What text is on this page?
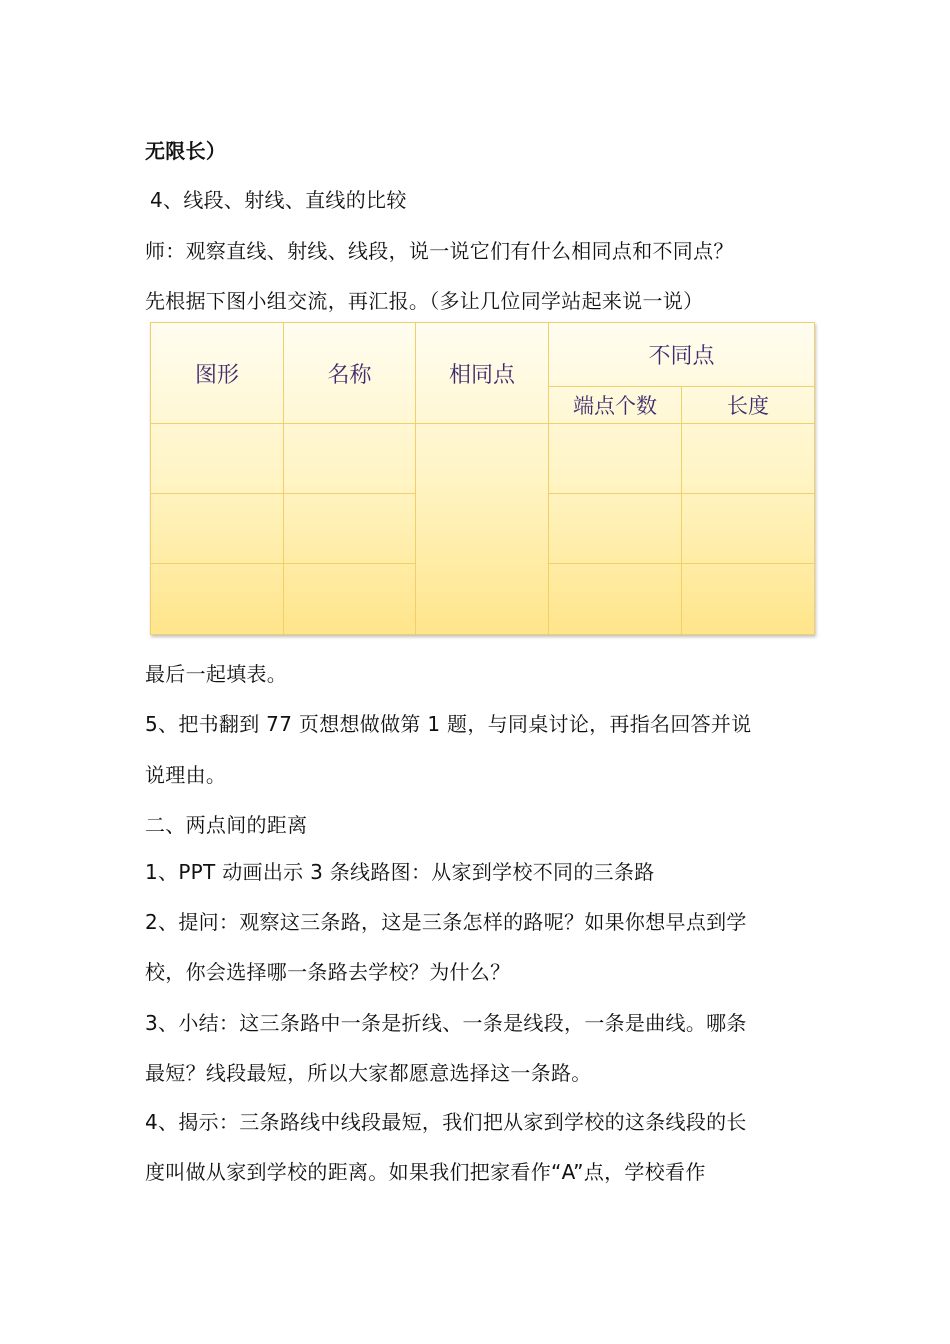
无限长）
4、线段、射线、直线的比较
师：观察直线、射线、线段，说一说它们有什么相同点和不同点？
先根据下图小组交流，再汇报。（多让几位同学站起来说一说）
图形	名称	相同点	不同点	
			端点个数	长度

最后一起填表。
5、把书翻到 77 页想想做做第 1 题，与同桌讨论，再指名回答并说
说理由。
二、两点间的距离
1、PPT 动画出示 3 条线路图：从家到学校不同的三条路
2、提问：观察这三条路，这是三条怎样的路呢？如果你想早点到学
校，你会选择哪一条路去学校？为什么？
3、小结：这三条路中一条是折线、一条是线段，一条是曲线。哪条
最短？线段最短，所以大家都愿意选择这一条路。
4、揭示：三条路线中线段最短，我们把从家到学校的这条线段的长
度叫做从家到学校的距离。如果我们把家看作“A”点，学校看作
